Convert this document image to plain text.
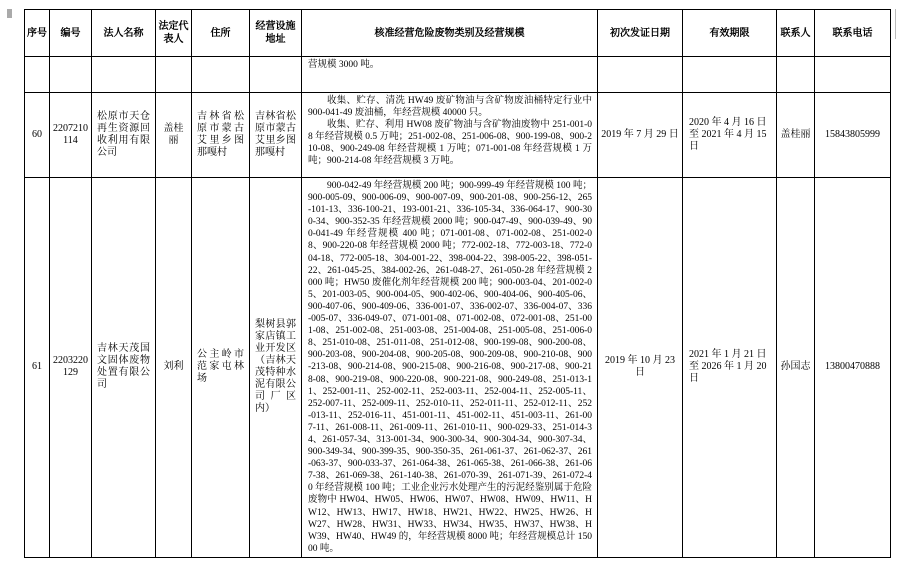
序号	编号	法人名称	法定代表人	住所	经营设施地址	核准经营危险废物类别及经营规模	初次发证日期	有效期限	联系人	联系电话

						营规模 3000 吨。				

60	2207210114	松原市天仓再生资源回收利用有限公司	盖桂丽	吉林省松原市蒙古艾里乡图那嘎村	吉林省松原市蒙古艾里乡图那嘎村	收集、贮存、清洗 HW49 废矿物油与含矿物废油桶特定行业中 900-041-49 废油桶，年经营规模 40000 只。

收集、贮存、利用 HW08 废矿物油与含矿物油废物中 251-001-08 年经营规模 0.5 万吨；251-002-08、251-006-08、900-199-08、900-210-08、900-249-08 年经营规模 1 万吨；071-001-08 年经营规模 1 万吨；900-214-08 年经营规模 3 万吨。	2019 年 7 月 29 日	2020 年 4 月 16 日至 2021 年 4 月 15 日	盖桂丽	15843805999
61	2203220129	吉林天茂国文固体废物处置有限公司	刘利	公主岭市范家屯林场	梨树县郭家店镇工业开发区（吉林天茂特种水泥有限公司厂区内）	900-042-49 年经营规模 200 吨；900-999-49 年经营规模 100 吨；900-005-09、900-006-09、900-007-09、900-201-08、900-256-12、265-101-13、336-100-21、193-001-21、336-105-34、336-064-17、900-300-34、900-352-35 年经营规模 2000 吨；900-047-49、900-039-49、900-041-49 年经营规模 400 吨；071-001-08、071-002-08、251-002-08、900-220-08 年经营规模 2000 吨；772-002-18、772-003-18、772-004-18、772-005-18、304-001-22、398-004-22、398-005-22、398-051-22、261-045-25、384-002-26、261-048-27、261-050-28 年经营规模 2000 吨；HW50 废催化剂年经营规模 200 吨；900-003-04、201-002-05、201-003-05、900-004-05、900-402-06、900-404-06、900-405-06、900-407-06、900-409-06、336-001-07、336-002-07、336-004-07、336-005-07、336-049-07、071-001-08、071-002-08、072-001-08、251-001-08、251-002-08、251-003-08、251-004-08、251-005-08、251-006-08、251-010-08、251-011-08、251-012-08、900-199-08、900-200-08、900-203-08、900-204-08、900-205-08、900-209-08、900-210-08、900-213-08、900-214-08、900-215-08、900-216-08、900-217-08、900-218-08、900-219-08、900-220-08、900-221-08、900-249-08、251-013-11、252-001-11、252-002-11、252-003-11、252-004-11、252-005-11、252-007-11、252-009-11、252-010-11、252-011-11、252-012-11、252-013-11、252-016-11、451-001-11、451-002-11、451-003-11、261-007-11、261-008-11、261-009-11、261-010-11、900-029-33、251-014-34、261-057-34、313-001-34、900-300-34、900-304-34、900-307-34、900-349-34、900-399-35、900-350-35、261-061-37、261-062-37、261-063-37、900-033-37、261-064-38、261-065-38、261-066-38、261-067-38、261-069-38、261-140-38、261-070-39、261-071-39、261-072-40 年经营规模 100 吨；工业企业污水处理产生的污泥经鉴别属于危险废物中 HW04、HW05、HW06、HW07、HW08、HW09、HW11、HW12、HW13、HW17、HW18、HW21、HW22、HW25、HW26、HW27、HW28、HW31、HW33、HW34、HW35、HW37、HW38、HW39、HW40、HW49 的，年经营规模 8000 吨；年经营规模总计 15000 吨。	2019 年 10 月 23 日	2021 年 1 月 21 日至 2026 年 1 月 20 日	孙国志	13800470888
